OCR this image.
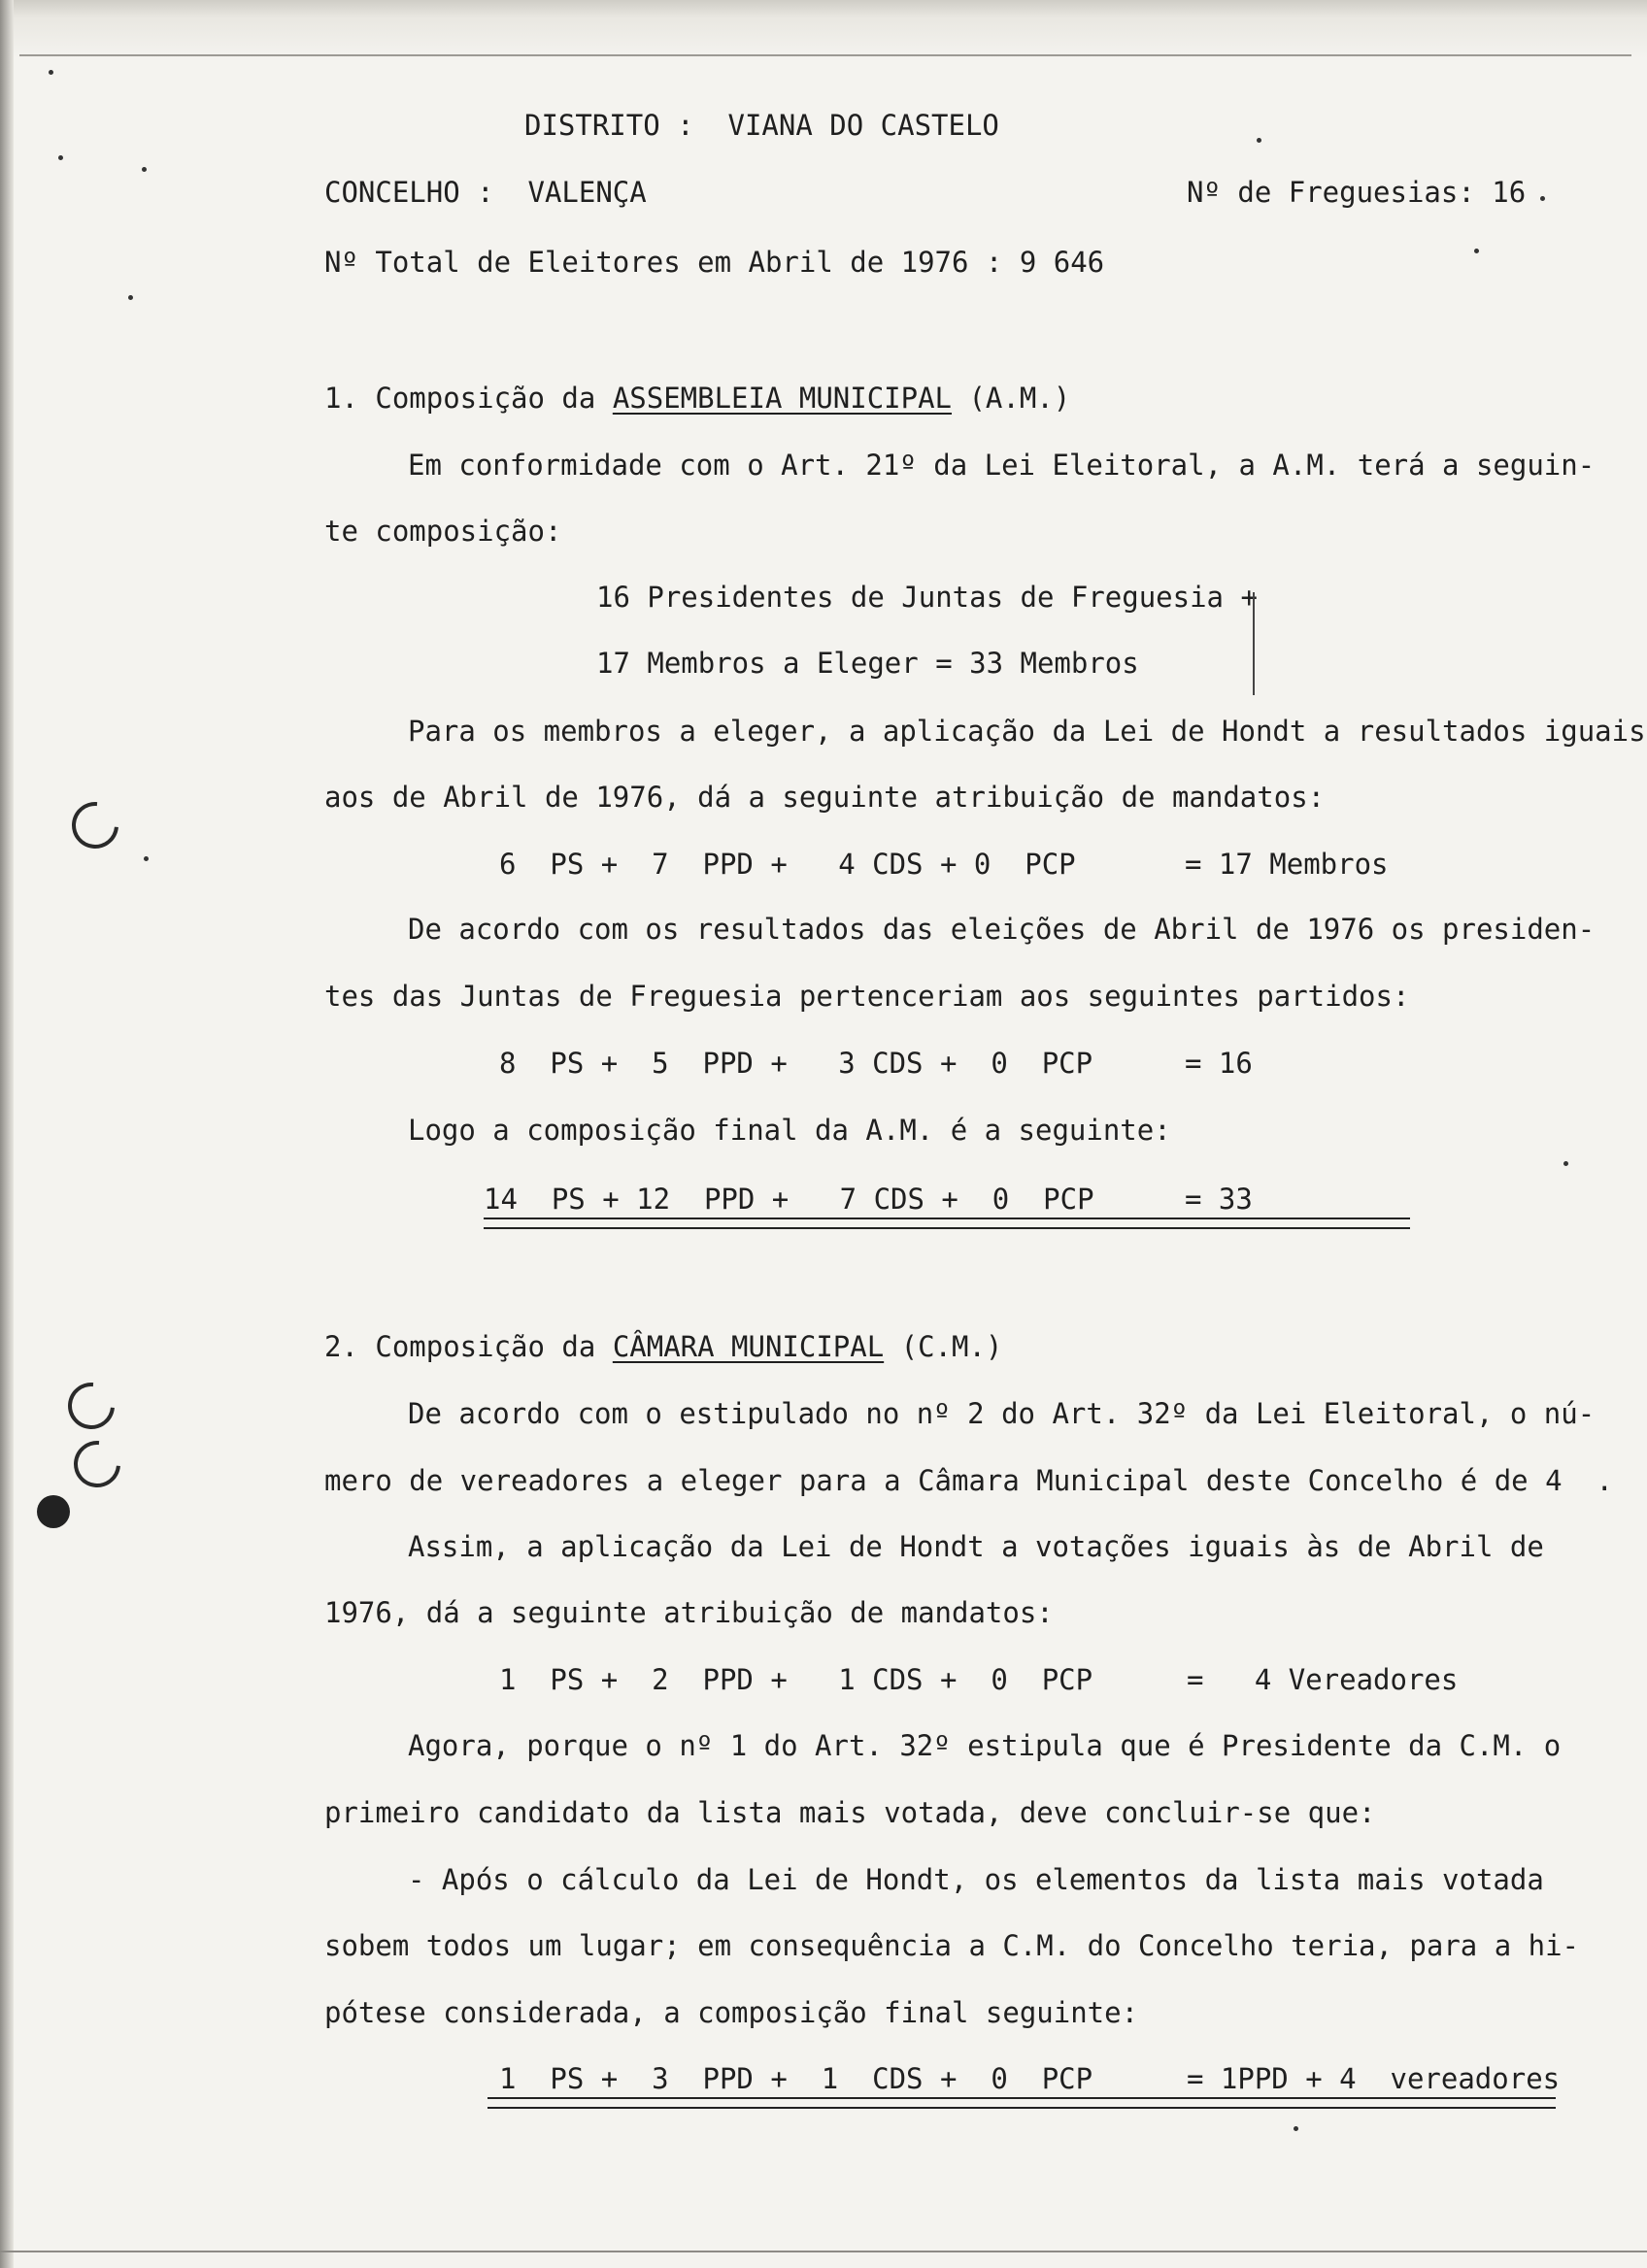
DISTRITO :  VIANA DO CASTELO
CONCELHO :  VALENÇA	Nº de Freguesias: 16
Nº Total de Eleitores em Abril de 1976 : 9 646
1. Composição da ASSEMBLEIA MUNICIPAL (A.M.)
Em conformidade com o Art. 21º da Lei Eleitoral, a A.M. terá a seguin-
te composição:
16 Presidentes de Juntas de Freguesia +
17 Membros a Eleger = 33 Membros
Para os membros a eleger, a aplicação da Lei de Hondt a resultados iguais
aos de Abril de 1976, dá a seguinte atribuição de mandatos:
6  PS +  7  PPD +   4 CDS + 0  PCP	= 17 Membros
De acordo com os resultados das eleições de Abril de 1976 os presiden-
tes das Juntas de Freguesia pertenceriam aos seguintes partidos:
8  PS +  5  PPD +   3 CDS +  0  PCP	= 16
Logo a composição final da A.M. é a seguinte:
14  PS + 12  PPD +   7 CDS +  0  PCP	= 33
2. Composição da CÂMARA MUNICIPAL (C.M.)
De acordo com o estipulado no nº 2 do Art. 32º da Lei Eleitoral, o nú-
mero de vereadores a eleger para a Câmara Municipal deste Concelho é de 4  .
Assim, a aplicação da Lei de Hondt a votações iguais às de Abril de
1976, dá a seguinte atribuição de mandatos:
1  PS +  2  PPD +   1 CDS +  0  PCP	=   4 Vereadores
Agora, porque o nº 1 do Art. 32º estipula que é Presidente da C.M. o
primeiro candidato da lista mais votada, deve concluir-se que:
- Após o cálculo da Lei de Hondt, os elementos da lista mais votada
sobem todos um lugar; em consequência a C.M. do Concelho teria, para a hi-
pótese considerada, a composição final seguinte:
1  PS +  3  PPD +  1  CDS +  0  PCP	= 1PPD + 4  vereadores
